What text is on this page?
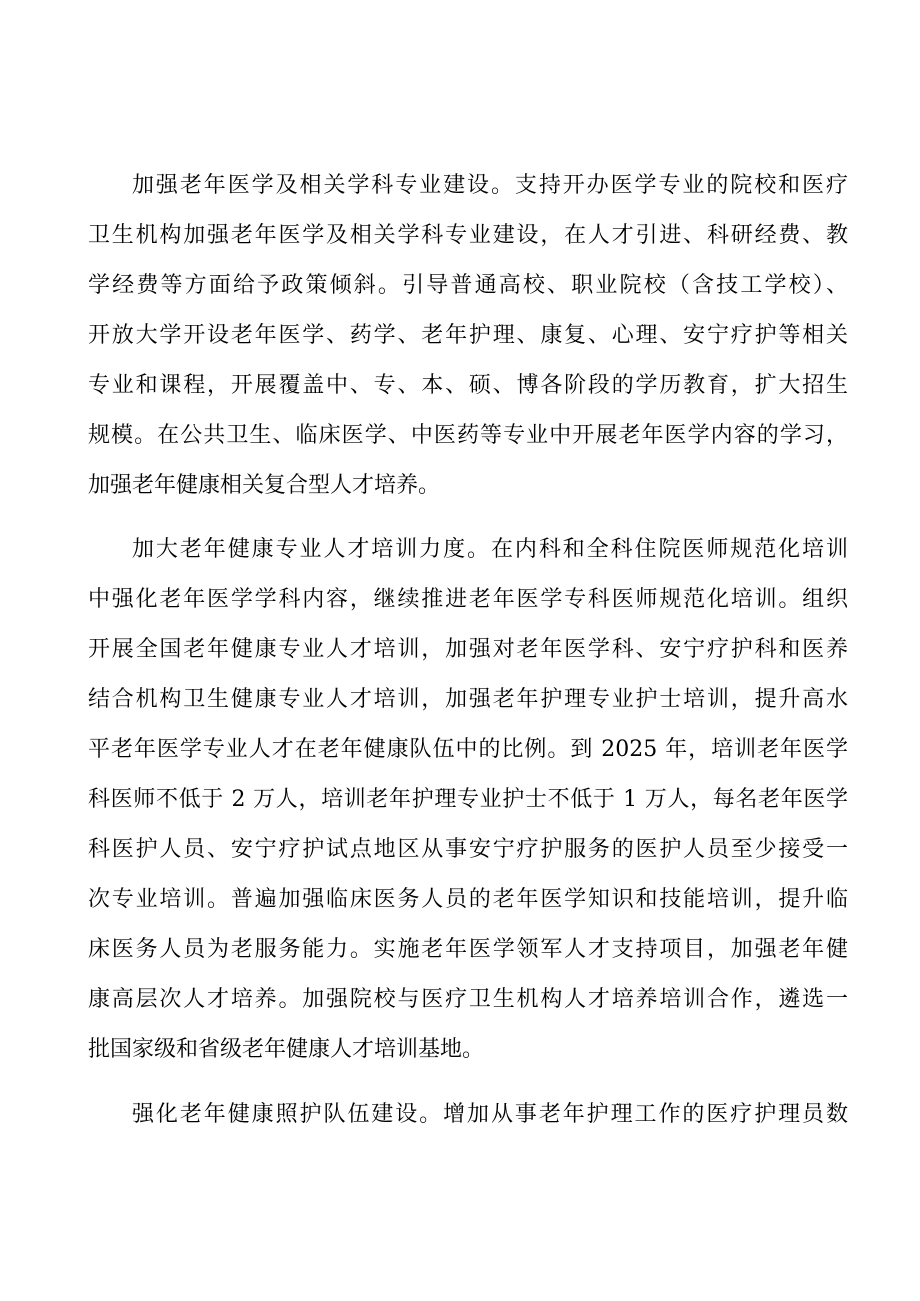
加强老年医学及相关学科专业建设。支持开办医学专业的院校和医疗
卫生机构加强老年医学及相关学科专业建设，在人才引进、科研经费、教
学经费等方面给予政策倾斜。引导普通高校、职业院校（含技工学校）、
开放大学开设老年医学、药学、老年护理、康复、心理、安宁疗护等相关
专业和课程，开展覆盖中、专、本、硕、博各阶段的学历教育，扩大招生
规模。在公共卫生、临床医学、中医药等专业中开展老年医学内容的学习，
加强老年健康相关复合型人才培养。
加大老年健康专业人才培训力度。在内科和全科住院医师规范化培训
中强化老年医学学科内容，继续推进老年医学专科医师规范化培训。组织
开展全国老年健康专业人才培训，加强对老年医学科、安宁疗护科和医养
结合机构卫生健康专业人才培训，加强老年护理专业护士培训，提升高水
平老年医学专业人才在老年健康队伍中的比例。到 2025 年，培训老年医学
科医师不低于 2 万人，培训老年护理专业护士不低于 1 万人，每名老年医学
科医护人员、安宁疗护试点地区从事安宁疗护服务的医护人员至少接受一
次专业培训。普遍加强临床医务人员的老年医学知识和技能培训，提升临
床医务人员为老服务能力。实施老年医学领军人才支持项目，加强老年健
康高层次人才培养。加强院校与医疗卫生机构人才培养培训合作，遴选一
批国家级和省级老年健康人才培训基地。
强化老年健康照护队伍建设。增加从事老年护理工作的医疗护理员数
